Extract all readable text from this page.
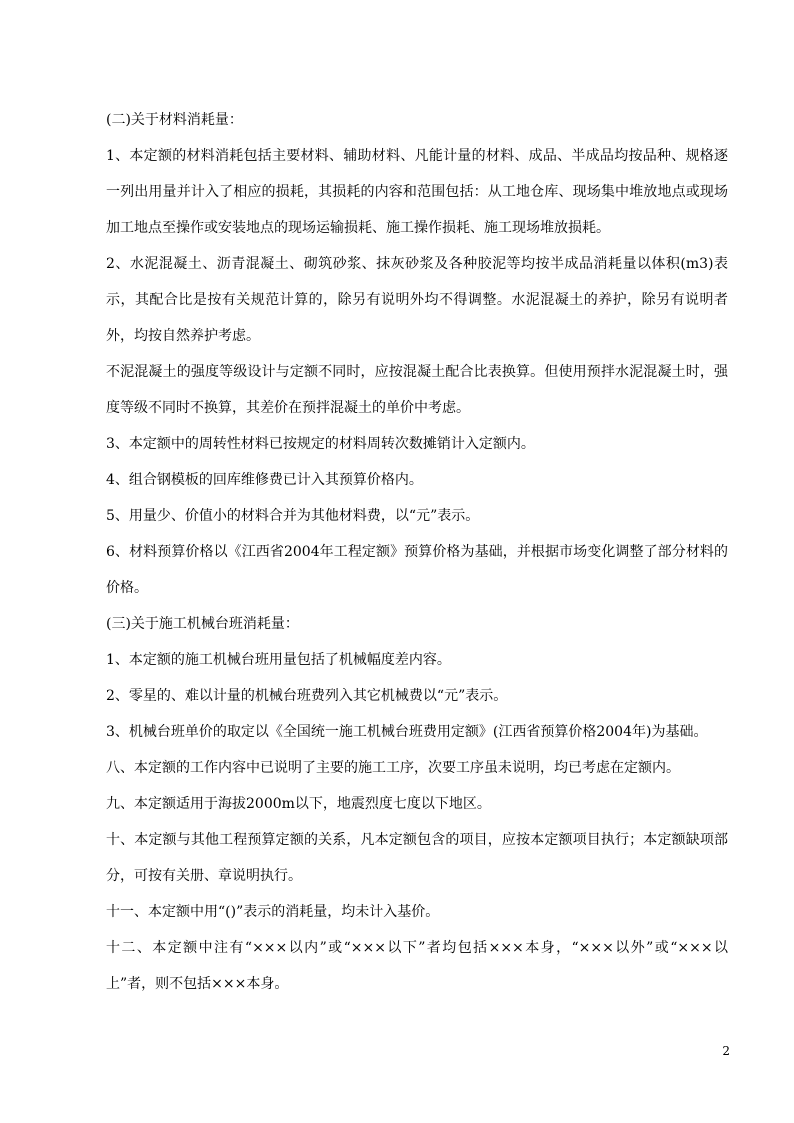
(二)关于材料消耗量：

1、本定额的材料消耗包括主要材料、辅助材料、凡能计量的材料、成品、半成品均按品种、规格逐一列出用量并计入了相应的损耗，其损耗的内容和范围包括：从工地仓库、现场集中堆放地点或现场加工地点至操作或安装地点的现场运输损耗、施工操作损耗、施工现场堆放损耗。

2、水泥混凝土、沥青混凝土、砌筑砂浆、抹灰砂浆及各种胶泥等均按半成品消耗量以体积(m3)表示，其配合比是按有关规范计算的，除另有说明外均不得调整。水泥混凝土的养护，除另有说明者外，均按自然养护考虑。

不泥混凝土的强度等级设计与定额不同时，应按混凝土配合比表换算。但使用预拌水泥混凝土时，强度等级不同时不换算，其差价在预拌混凝土的单价中考虑。

3、本定额中的周转性材料已按规定的材料周转次数摊销计入定额内。

4、组合钢模板的回库维修费已计入其预算价格内。

5、用量少、价值小的材料合并为其他材料费，以“元”表示。

6、材料预算价格以《江西省2004年工程定额》预算价格为基础，并根据市场变化调整了部分材料的价格。

(三)关于施工机械台班消耗量：

1、本定额的施工机械台班用量包括了机械幅度差内容。

2、零星的、难以计量的机械台班费列入其它机械费以“元”表示。

3、机械台班单价的取定以《全国统一施工机械台班费用定额》(江西省预算价格2004年)为基础。

八、本定额的工作内容中已说明了主要的施工工序，次要工序虽未说明，均已考虑在定额内。

九、本定额适用于海拔2000m以下，地震烈度七度以下地区。

十、本定额与其他工程预算定额的关系，凡本定额包含的项目，应按本定额项目执行；本定额缺项部分，可按有关册、章说明执行。

十一、本定额中用“()”表示的消耗量，均未计入基价。

十二、本定额中注有“×××以内”或“×××以下”者均包括×××本身，“×××以外”或“×××以上”者，则不包括×××本身。

2
